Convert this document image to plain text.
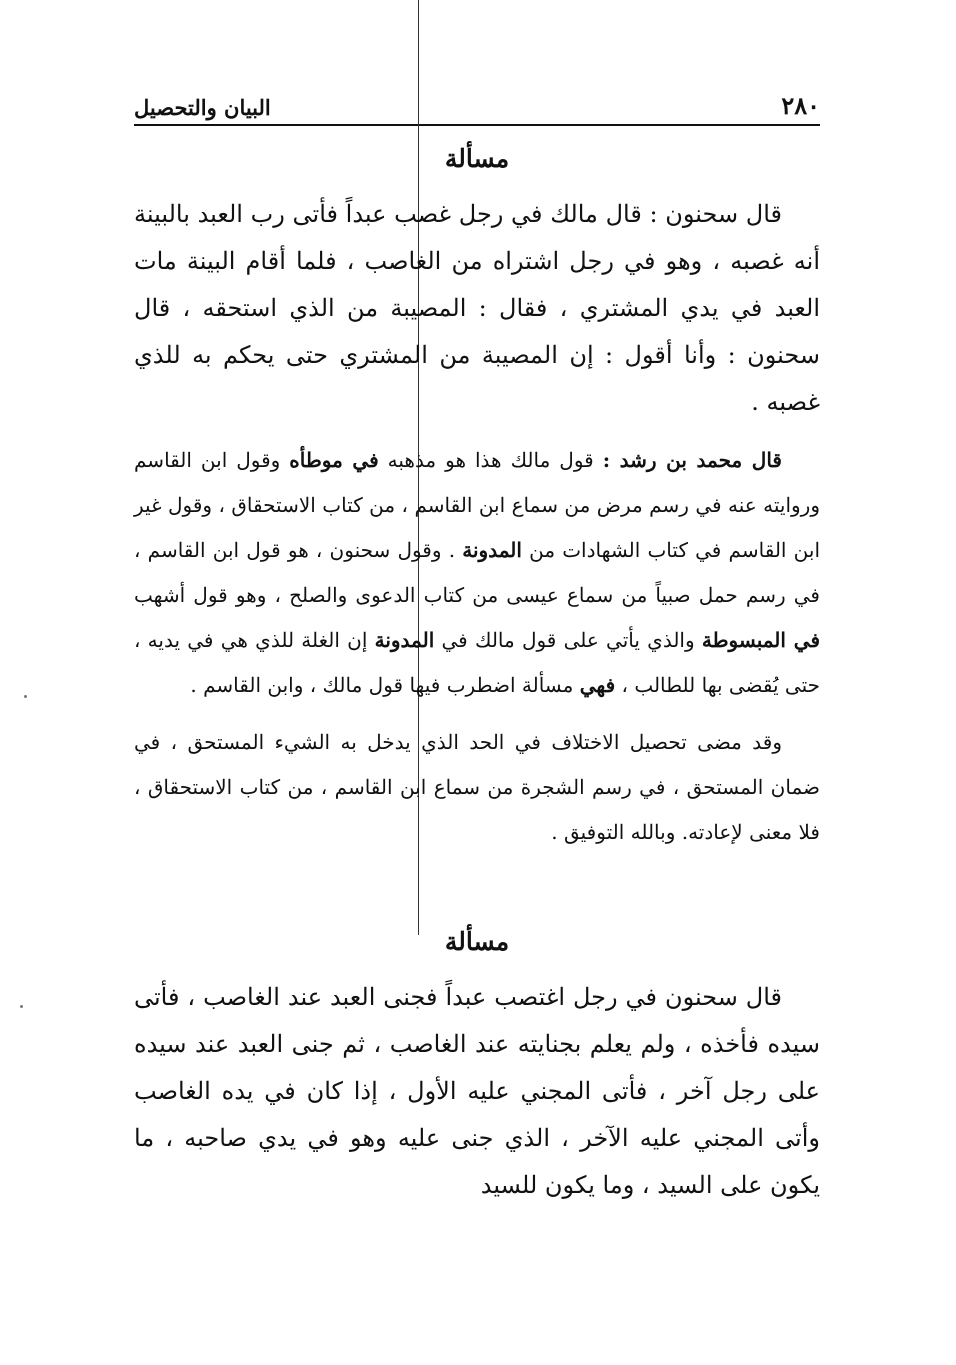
٢٨٠
البيان والتحصيل
مسألة

قال سحنون : قال مالك في رجل غصب عبداً فأتى رب العبد بالبينة أنه غصبه ، وهو في رجل اشتراه من الغاصب ، فلما أقام البينة مات العبد في يدي المشتري ، فقال : المصيبة من الذي استحقه ، قال سحنون : وأنا أقول : إن المصيبة من المشتري حتى يحكم به للذي غصبه .

قال محمد بن رشد : قول مالك هذا هو مذهبه في موطأه وقول ابن القاسم وروايته عنه في رسم مرض من سماع ابن القاسم ، من كتاب الاستحقاق ، وقول غير ابن القاسم في كتاب الشهادات من المدونة . وقول سحنون ، هو قول ابن القاسم ، في رسم حمل صبياً من سماع عيسى من كتاب الدعوى والصلح ، وهو قول أشهب في المبسوطة والذي يأتي على قول مالك في المدونة إن الغلة للذي هي في يديه ، حتى يُقضى بها للطالب ، فهي مسألة اضطرب فيها قول مالك ، وابن القاسم .

وقد مضى تحصيل الاختلاف في الحد الذي يدخل به الشيء المستحق ، في ضمان المستحق ، في رسم الشجرة من سماع ابن القاسم ، من كتاب الاستحقاق ، فلا معنى لإعادته. وبالله التوفيق .

مسألة

قال سحنون في رجل اغتصب عبداً فجنى العبد عند الغاصب ، فأتى سيده فأخذه ، ولم يعلم بجنايته عند الغاصب ، ثم جنى العبد عند سيده على رجل آخر ، فأتى المجني عليه الأول ، إذا كان في يده الغاصب وأتى المجني عليه الآخر ، الذي جنى عليه وهو في يدي صاحبه ، ما يكون على السيد ، وما يكون للسيد
